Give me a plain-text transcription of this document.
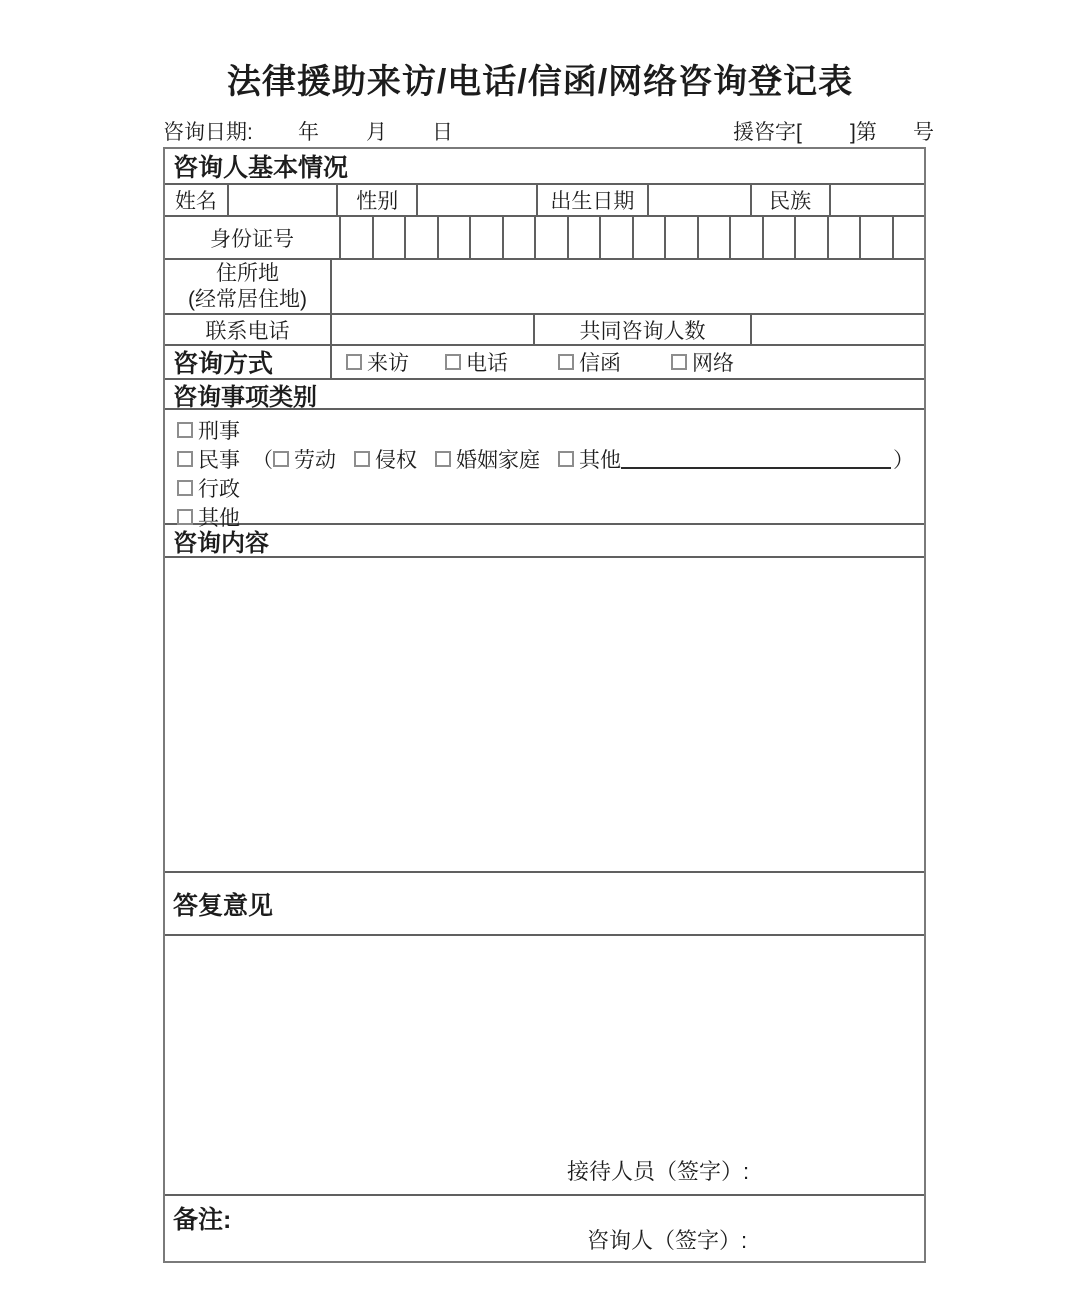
法律援助来访/电话/信函/网络咨询登记表
咨询日期: 年 月 日	援咨字[ ]第 号
咨询人基本情况
姓名	性别	出生日期	民族
身份证号
住所地
(经常居住地)
联系电话	共同咨询人数
咨询方式	来访	电话	信函	网络
咨询事项类别
刑事
民事 （ 劳动 侵权 婚姻家庭 其他	）
行政
其他
咨询内容
答复意见
接待人员（签字）:
备注:
咨询人（签字）:
